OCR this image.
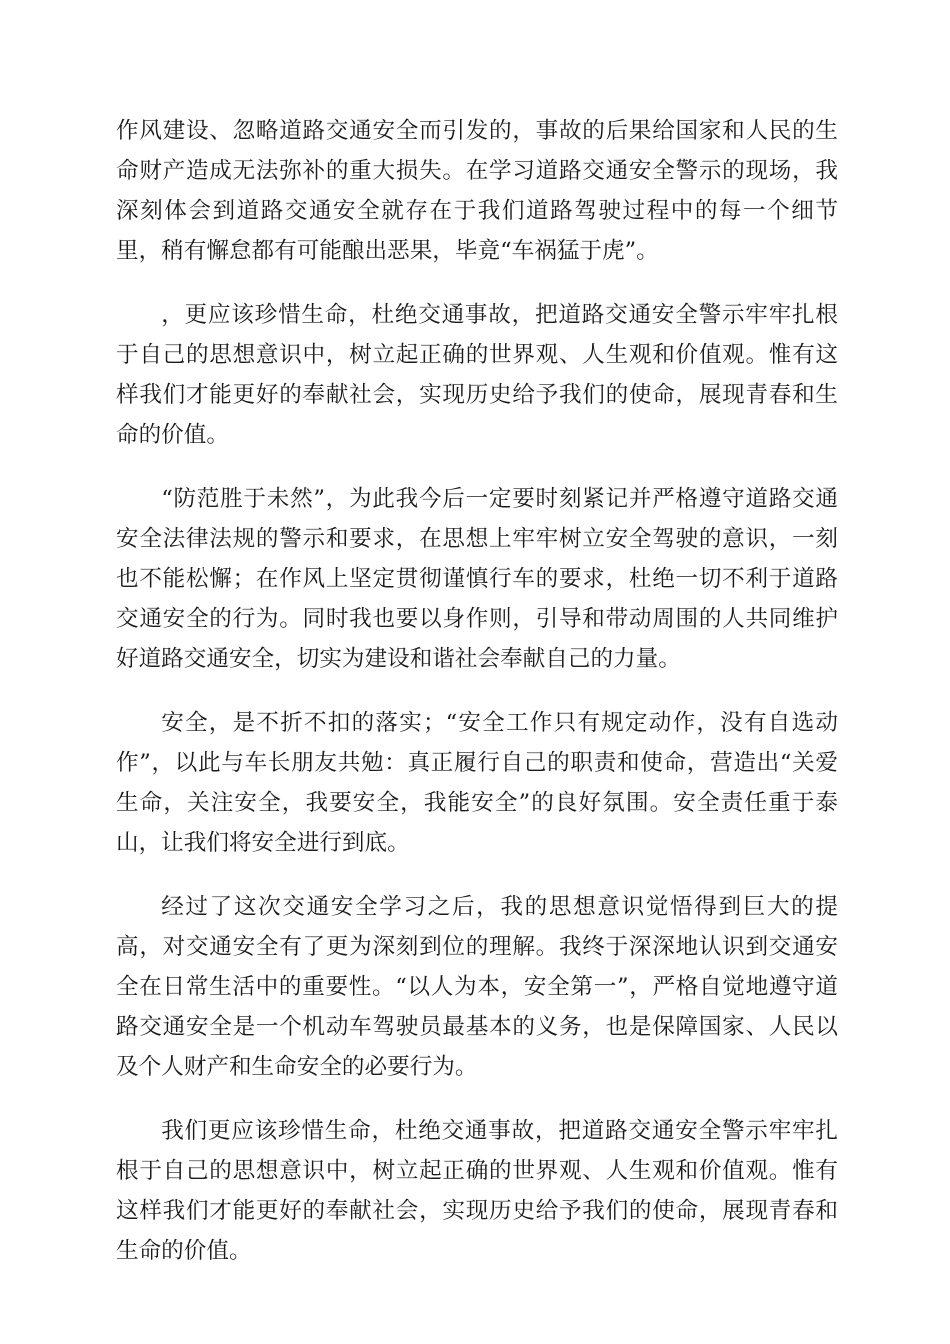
作风建设、忽略道路交通安全而引发的，事故的后果给国家和人民的生命财产造成无法弥补的重大损失。在学习道路交通安全警示的现场，我深刻体会到道路交通安全就存在于我们道路驾驶过程中的每一个细节里，稍有懈怠都有可能酿出恶果，毕竟“车祸猛于虎”。

，更应该珍惜生命，杜绝交通事故，把道路交通安全警示牢牢扎根于自己的思想意识中，树立起正确的世界观、人生观和价值观。惟有这样我们才能更好的奉献社会，实现历史给予我们的使命，展现青春和生命的价值。

“防范胜于未然”，为此我今后一定要时刻紧记并严格遵守道路交通安全法律法规的警示和要求，在思想上牢牢树立安全驾驶的意识，一刻也不能松懈；在作风上坚定贯彻谨慎行车的要求，杜绝一切不利于道路交通安全的行为。同时我也要以身作则，引导和带动周围的人共同维护好道路交通安全，切实为建设和谐社会奉献自己的力量。

安全，是不折不扣的落实；“安全工作只有规定动作，没有自选动作”，以此与车长朋友共勉：真正履行自己的职责和使命，营造出“关爱生命，关注安全，我要安全，我能安全”的良好氛围。安全责任重于泰山，让我们将安全进行到底。

经过了这次交通安全学习之后，我的思想意识觉悟得到巨大的提高，对交通安全有了更为深刻到位的理解。我终于深深地认识到交通安全在日常生活中的重要性。“以人为本，安全第一”，严格自觉地遵守道路交通安全是一个机动车驾驶员最基本的义务，也是保障国家、人民以及个人财产和生命安全的必要行为。

我们更应该珍惜生命，杜绝交通事故，把道路交通安全警示牢牢扎根于自己的思想意识中，树立起正确的世界观、人生观和价值观。惟有这样我们才能更好的奉献社会，实现历史给予我们的使命，展现青春和生命的价值。
